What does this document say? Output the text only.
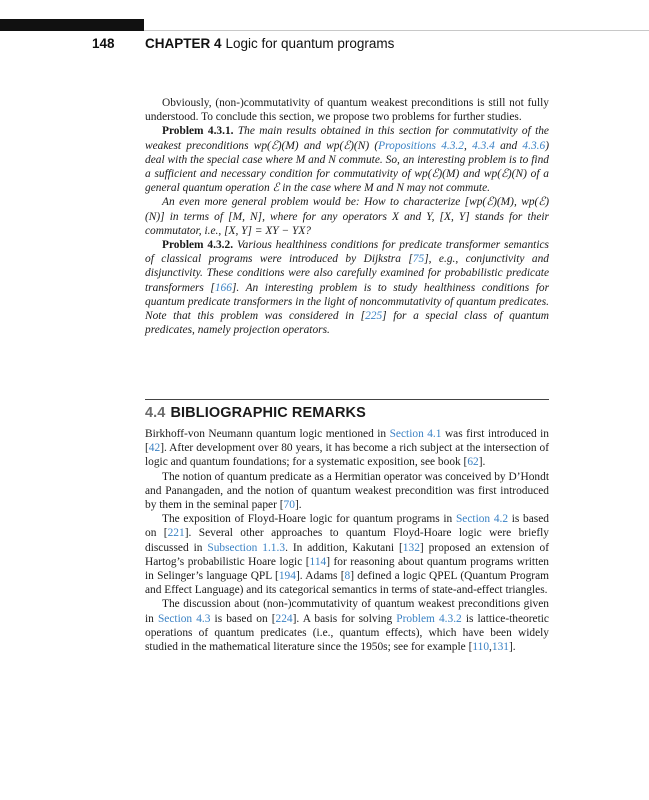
148 CHAPTER 4 Logic for quantum programs

Obviously, (non-)commutativity of quantum weakest preconditions is still not fully understood. To conclude this section, we propose two problems for further studies.

Problem 4.3.1. The main results obtained in this section for commutativity of the weakest preconditions wp(ℰ)(M) and wp(ℰ)(N) (Propositions 4.3.2, 4.3.4 and 4.3.6) deal with the special case where M and N commute. So, an interesting problem is to find a sufficient and necessary condition for commutativity of wp(ℰ)(M) and wp(ℰ)(N) of a general quantum operation ℰ in the case where M and N may not commute.

An even more general problem would be: How to characterize [wp(ℰ)(M), wp(ℰ)(N)] in terms of [M, N], where for any operators X and Y, [X, Y] stands for their commutator, i.e., [X, Y] = XY − YX?

Problem 4.3.2. Various healthiness conditions for predicate transformer semantics of classical programs were introduced by Dijkstra [75], e.g., conjunctivity and disjunctivity. These conditions were also carefully examined for probabilistic predicate transformers [166]. An interesting problem is to study healthiness conditions for quantum predicate transformers in the light of noncommutativity of quantum predicates. Note that this problem was considered in [225] for a special class of quantum predicates, namely projection operators.

4.4 BIBLIOGRAPHIC REMARKS

Birkhoff-von Neumann quantum logic mentioned in Section 4.1 was first introduced in [42]. After development over 80 years, it has become a rich subject at the intersection of logic and quantum foundations; for a systematic exposition, see book [62].

The notion of quantum predicate as a Hermitian operator was conceived by D’Hondt and Panangaden, and the notion of quantum weakest precondition was first introduced by them in the seminal paper [70].

The exposition of Floyd-Hoare logic for quantum programs in Section 4.2 is based on [221]. Several other approaches to quantum Floyd-Hoare logic were briefly discussed in Subsection 1.1.3. In addition, Kakutani [132] proposed an extension of Hartog’s probabilistic Hoare logic [114] for reasoning about quantum programs written in Selinger’s language QPL [194]. Adams [8] defined a logic QPEL (Quantum Program and Effect Language) and its categorical semantics in terms of state-and-effect triangles.

The discussion about (non-)commutativity of quantum weakest preconditions given in Section 4.3 is based on [224]. A basis for solving Problem 4.3.2 is lattice-theoretic operations of quantum predicates (i.e., quantum effects), which have been widely studied in the mathematical literature since the 1950s; see for example [110,131].
